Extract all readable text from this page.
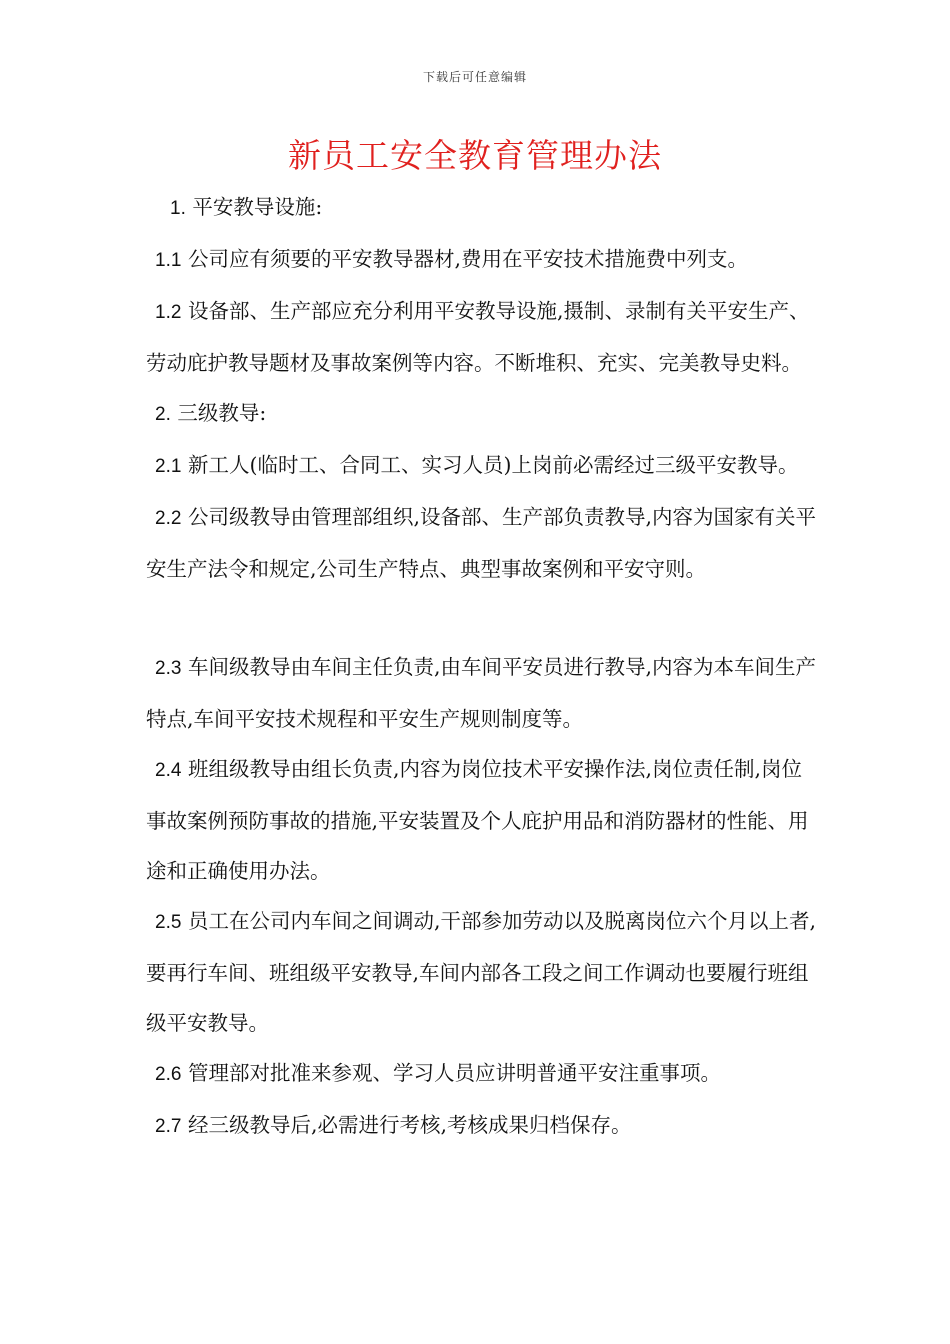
下载后可任意编辑
新员工安全教育管理办法

1. 平安教导设施:

1.1 公司应有须要的平安教导器材,费用在平安技术措施费中列支。

1.2 设备部、生产部应充分利用平安教导设施,摄制、录制有关平安生产、劳动庇护教导题材及事故案例等内容。不断堆积、充实、完美教导史料。

2. 三级教导:

2.1 新工人(临时工、合同工、实习人员)上岗前必需经过三级平安教导。

2.2 公司级教导由管理部组织,设备部、生产部负责教导,内容为国家有关平安生产法令和规定,公司生产特点、典型事故案例和平安守则。

2.3 车间级教导由车间主任负责,由车间平安员进行教导,内容为本车间生产特点,车间平安技术规程和平安生产规则制度等。

2.4 班组级教导由组长负责,内容为岗位技术平安操作法,岗位责任制,岗位事故案例预防事故的措施,平安装置及个人庇护用品和消防器材的性能、用途和正确使用办法。

2.5 员工在公司内车间之间调动,干部参加劳动以及脱离岗位六个月以上者,要再行车间、班组级平安教导,车间内部各工段之间工作调动也要履行班组级平安教导。

2.6 管理部对批准来参观、学习人员应讲明普通平安注重事项。

2.7 经三级教导后,必需进行考核,考核成果归档保存。
